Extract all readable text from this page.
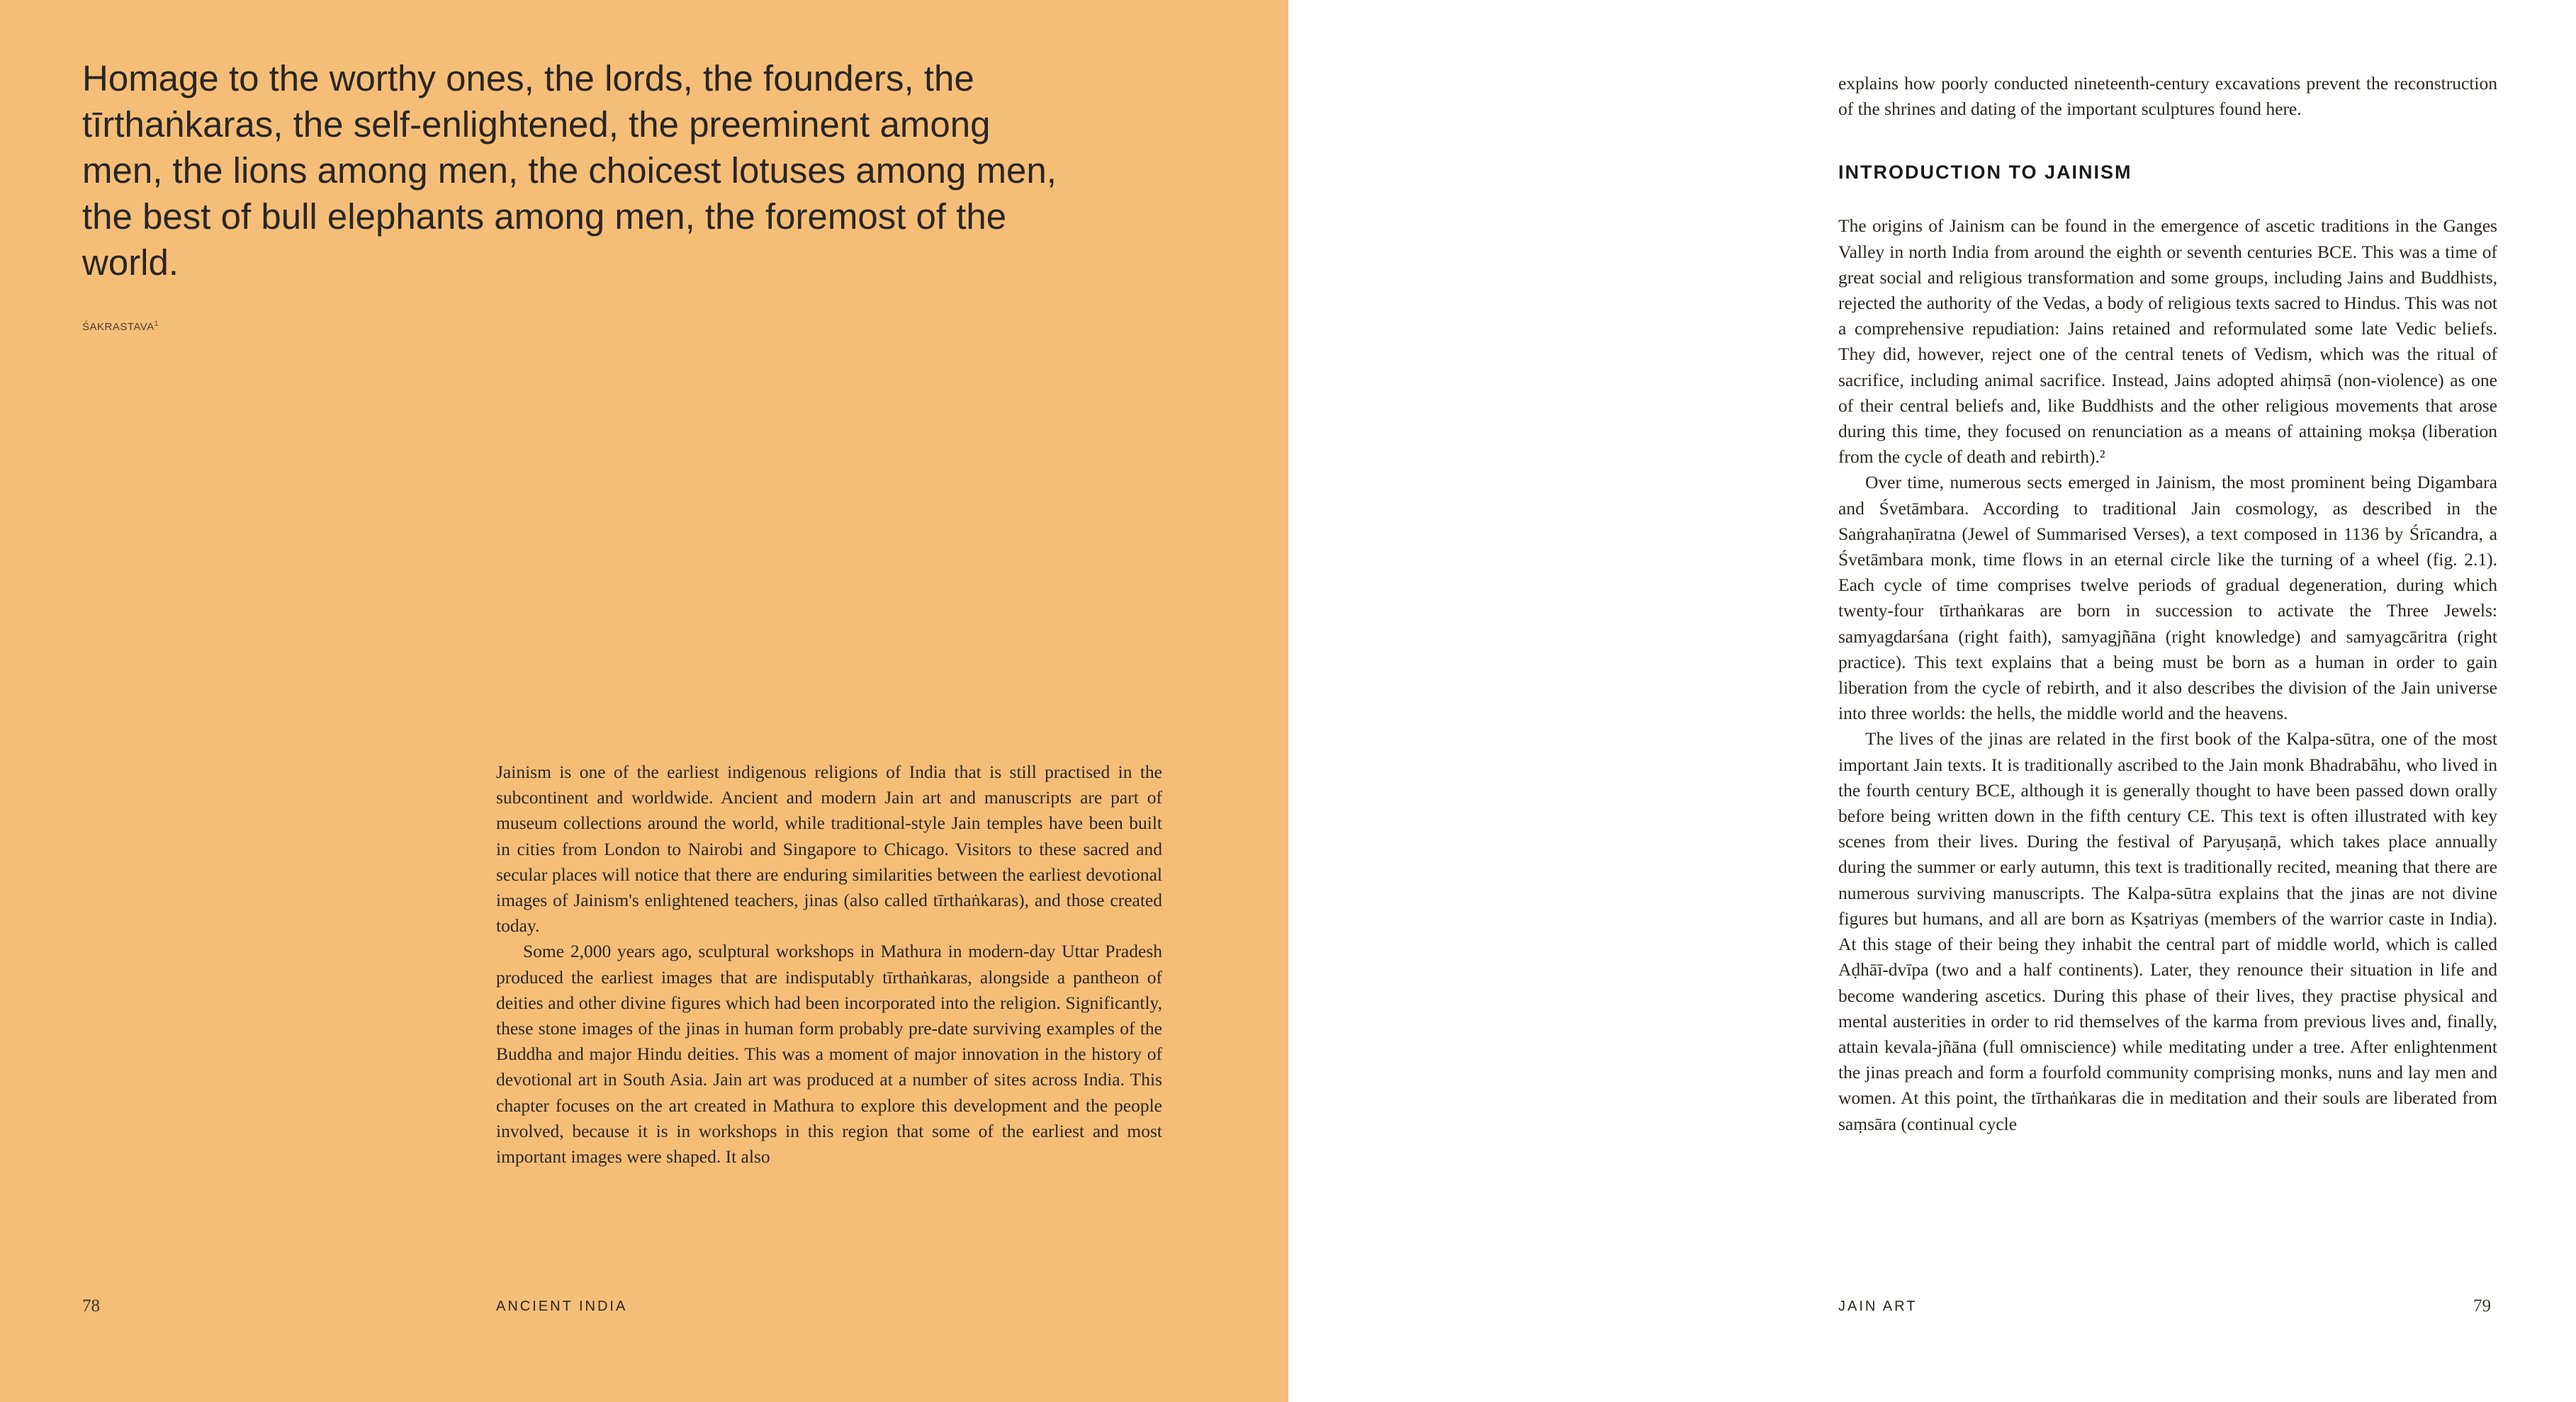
Homage to the worthy ones, the lords, the founders, the tīrthaṅkaras, the self-enlightened, the preeminent among men, the lions among men, the choicest lotuses among men, the best of bull elephants among men, the foremost of the world.

ŚAKRASTAVA$^1$

Jainism is one of the earliest indigenous religions of India that is still practised in the subcontinent and worldwide. Ancient and modern Jain art and manuscripts are part of museum collections around the world, while traditional-style Jain temples have been built in cities from London to Nairobi and Singapore to Chicago. Visitors to these sacred and secular places will notice that there are enduring similarities between the earliest devotional images of Jainism's enlightened teachers, jinas (also called tīrthaṅkaras), and those created today.

Some 2,000 years ago, sculptural workshops in Mathura in modern-day Uttar Pradesh produced the earliest images that are indisputably tīrthaṅkaras, alongside a pantheon of deities and other divine figures which had been incorporated into the religion. Significantly, these stone images of the jinas in human form probably pre-date surviving examples of the Buddha and major Hindu deities. This was a moment of major innovation in the history of devotional art in South Asia. Jain art was produced at a number of sites across India. This chapter focuses on the art created in Mathura to explore this development and the people involved, because it is in workshops in this region that some of the earliest and most important images were shaped. It also

78	ANCIENT INDIA	JAIN ART	79

explains how poorly conducted nineteenth-century excavations prevent the reconstruction of the shrines and dating of the important sculptures found here.

INTRODUCTION TO JAINISM

The origins of Jainism can be found in the emergence of ascetic traditions in the Ganges Valley in north India from around the eighth or seventh centuries BCE. This was a time of great social and religious transformation and some groups, including Jains and Buddhists, rejected the authority of the Vedas, a body of religious texts sacred to Hindus. This was not a comprehensive repudiation: Jains retained and reformulated some late Vedic beliefs. They did, however, reject one of the central tenets of Vedism, which was the ritual of sacrifice, including animal sacrifice. Instead, Jains adopted ahiṃsā (non-violence) as one of their central beliefs and, like Buddhists and the other religious movements that arose during this time, they focused on renunciation as a means of attaining mokṣa (liberation from the cycle of death and rebirth).²

Over time, numerous sects emerged in Jainism, the most prominent being Digambara and Śvetāmbara. According to traditional Jain cosmology, as described in the Saṅgrahaṇīratna (Jewel of Summarised Verses), a text composed in 1136 by Śrīcandra, a Śvetāmbara monk, time flows in an eternal circle like the turning of a wheel (fig. 2.1). Each cycle of time comprises twelve periods of gradual degeneration, during which twenty-four tīrthaṅkaras are born in succession to activate the Three Jewels: samyagdarśana (right faith), samyagjñāna (right knowledge) and samyagcāritra (right practice). This text explains that a being must be born as a human in order to gain liberation from the cycle of rebirth, and it also describes the division of the Jain universe into three worlds: the hells, the middle world and the heavens.

The lives of the jinas are related in the first book of the Kalpa-sūtra, one of the most important Jain texts. It is traditionally ascribed to the Jain monk Bhadrabāhu, who lived in the fourth century BCE, although it is generally thought to have been passed down orally before being written down in the fifth century CE. This text is often illustrated with key scenes from their lives. During the festival of Paryuṣaṇā, which takes place annually during the summer or early autumn, this text is traditionally recited, meaning that there are numerous surviving manuscripts. The Kalpa-sūtra explains that the jinas are not divine figures but humans, and all are born as Kṣatriyas (members of the warrior caste in India). At this stage of their being they inhabit the central part of middle world, which is called Aḍhāī-dvīpa (two and a half continents). Later, they renounce their situation in life and become wandering ascetics. During this phase of their lives, they practise physical and mental austerities in order to rid themselves of the karma from previous lives and, finally, attain kevala-jñāna (full omniscience) while meditating under a tree. After enlightenment the jinas preach and form a fourfold community comprising monks, nuns and lay men and women. At this point, the tīrthaṅkaras die in meditation and their souls are liberated from saṃsāra (continual cycle
